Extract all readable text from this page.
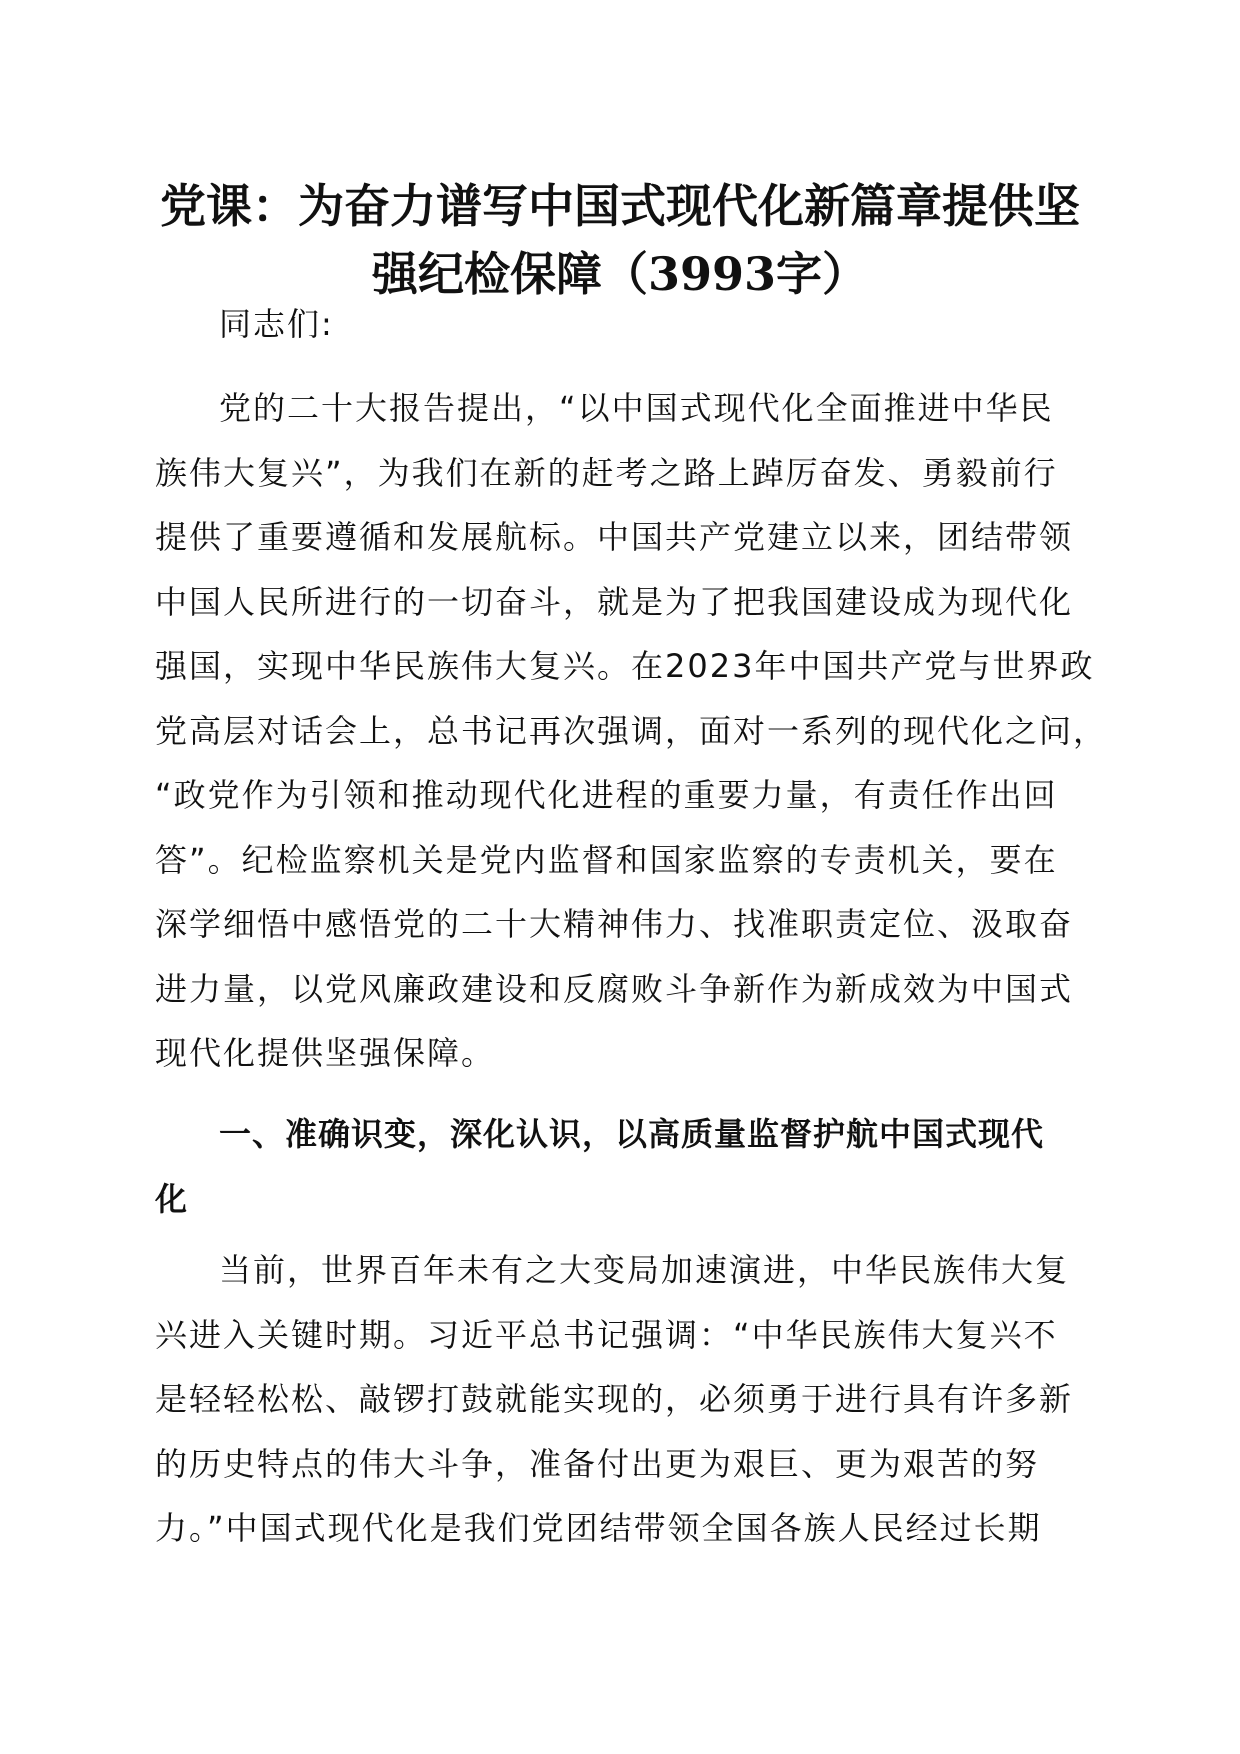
党课：为奋力谱写中国式现代化新篇章提供坚
强纪检保障（3993字）
同志们:
党的二十大报告提出，“以中国式现代化全面推进中华民
族伟大复兴”，为我们在新的赶考之路上踔厉奋发、勇毅前行
提供了重要遵循和发展航标。中国共产党建立以来，团结带领
中国人民所进行的一切奋斗，就是为了把我国建设成为现代化
强国，实现中华民族伟大复兴。在2023年中国共产党与世界政
党高层对话会上，总书记再次强调，面对一系列的现代化之问，
“政党作为引领和推动现代化进程的重要力量，有责任作出回
答”。纪检监察机关是党内监督和国家监察的专责机关，要在
深学细悟中感悟党的二十大精神伟力、找准职责定位、汲取奋
进力量，以党风廉政建设和反腐败斗争新作为新成效为中国式
现代化提供坚强保障。
一、准确识变，深化认识，以高质量监督护航中国式现代
化
当前，世界百年未有之大变局加速演进，中华民族伟大复
兴进入关键时期。习近平总书记强调：“中华民族伟大复兴不
是轻轻松松、敲锣打鼓就能实现的，必须勇于进行具有许多新
的历史特点的伟大斗争，准备付出更为艰巨、更为艰苦的努
力。”中国式现代化是我们党团结带领全国各族人民经过长期
